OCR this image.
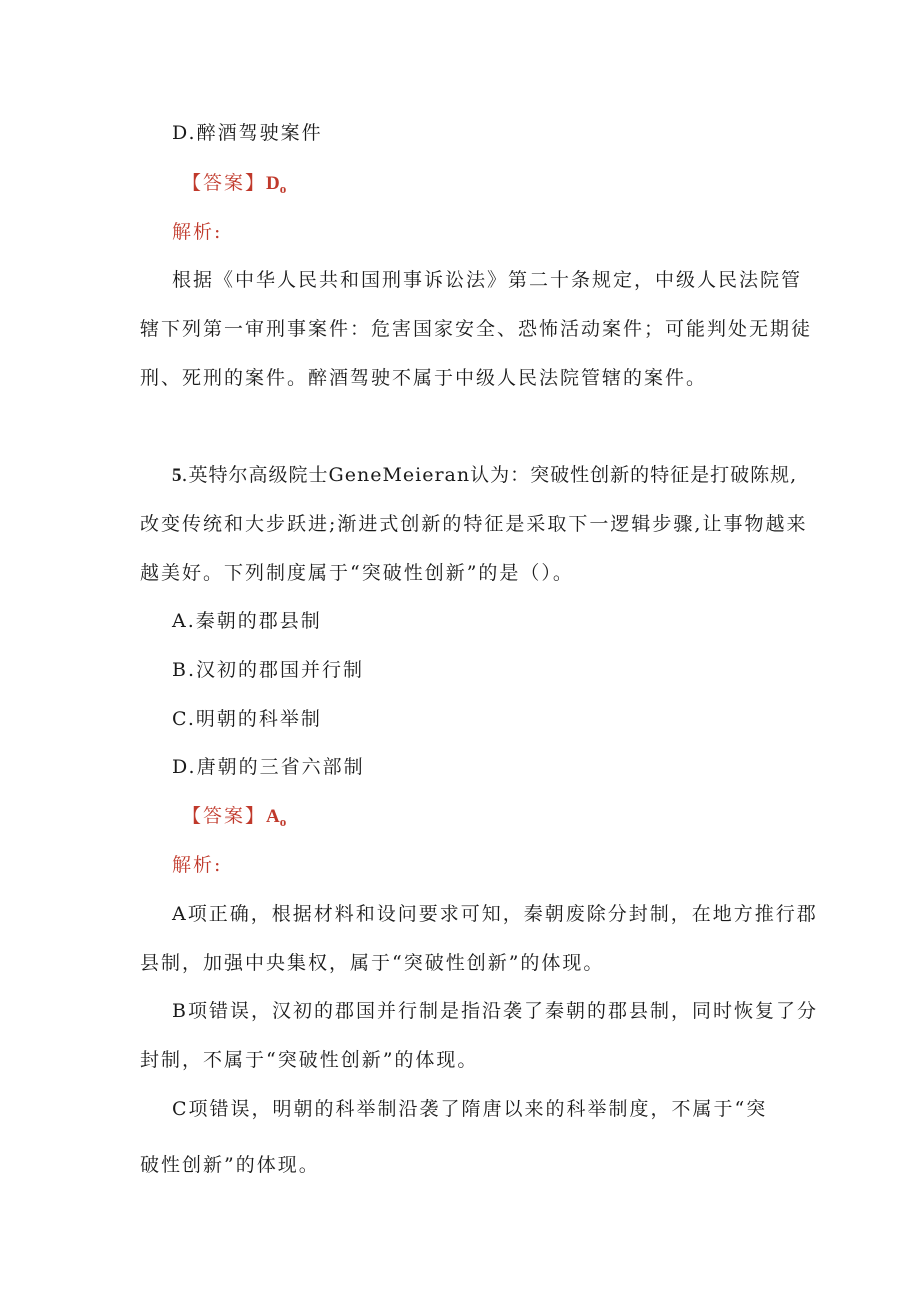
D.醉酒驾驶案件
【答案】$D_o$
解析:
根据《中华人民共和国刑事诉讼法》第二十条规定，中级人民法院管
辖下列第一审刑事案件：危害国家安全、恐怖活动案件；可能判处无期徒
刑、死刑的案件。醉酒驾驶不属于中级人民法院管辖的案件。
5.英特尔高级院士GeneMeieran认为：突破性创新的特征是打破陈规,
改变传统和大步跃进;渐进式创新的特征是采取下一逻辑步骤,让事物越来
越美好。下列制度属于“突破性创新”的是（）。
A.秦朝的郡县制
B.汉初的郡国并行制
C.明朝的科举制
D.唐朝的三省六部制
【答案】$A_o$
解析:
A项正确，根据材料和设问要求可知，秦朝废除分封制，在地方推行郡
县制，加强中央集权，属于“突破性创新”的体现。
B项错误，汉初的郡国并行制是指沿袭了秦朝的郡县制，同时恢复了分
封制，不属于“突破性创新”的体现。
C项错误，明朝的科举制沿袭了隋唐以来的科举制度，不属于“突
破性创新”的体现。
